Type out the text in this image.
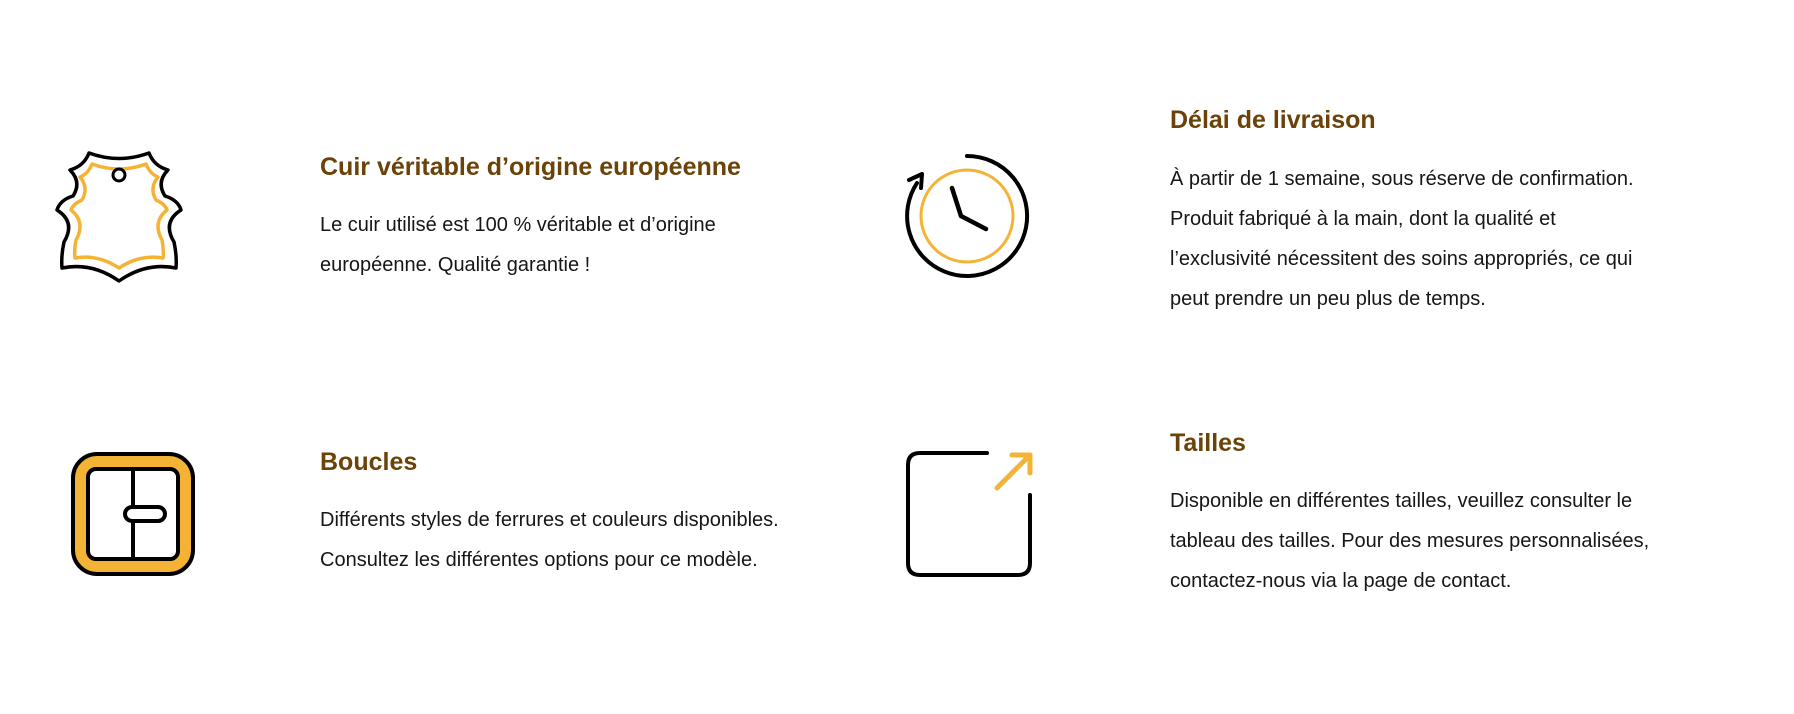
Cuir véritable d’origine européenne
Le cuir utilisé est 100 % véritable et d’origine
européenne. Qualité garantie !
Délai de livraison
À partir de 1 semaine, sous réserve de confirmation.
Produit fabriqué à la main, dont la qualité et
l’exclusivité nécessitent des soins appropriés, ce qui
peut prendre un peu plus de temps.
Boucles
Différents styles de ferrures et couleurs disponibles.
Consultez les différentes options pour ce modèle.
Tailles
Disponible en différentes tailles, veuillez consulter le
tableau des tailles. Pour des mesures personnalisées,
contactez-nous via la page de contact.
